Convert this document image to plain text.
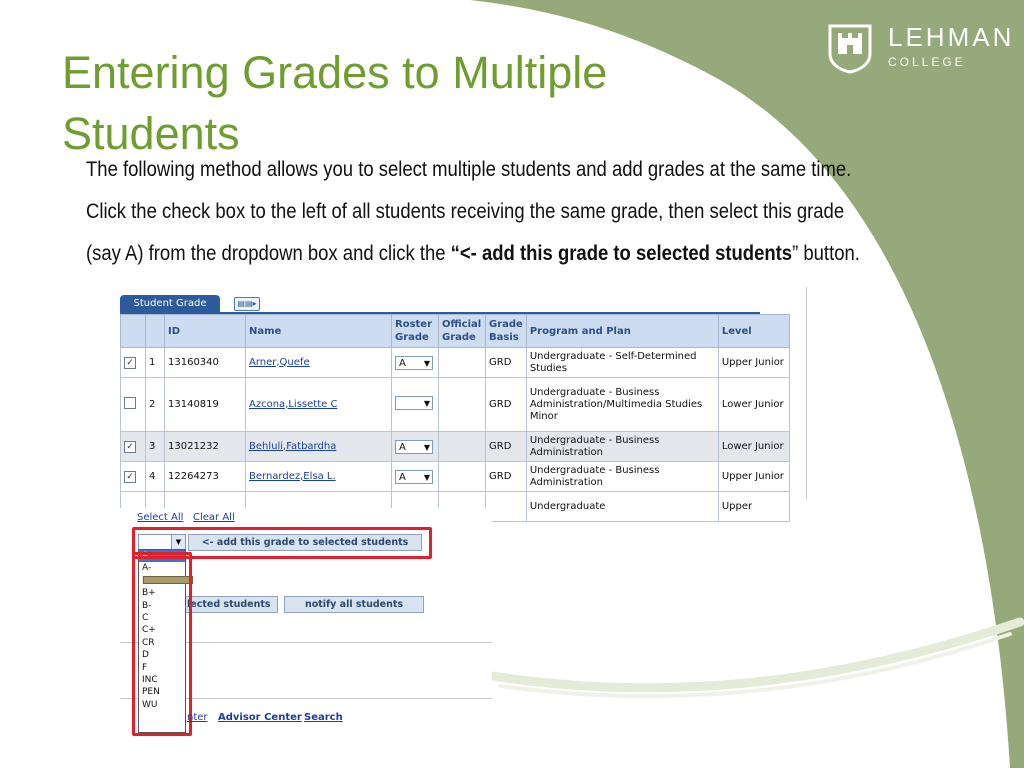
LEHMAN
COLLEGE
Entering Grades to Multiple Students
The following method allows you to select multiple students and add grades at the same time.
Click the check box to the left of all students receiving the same grade, then select this grade
(say A) from the dropdown box and click the “<- add this grade to selected students” button.
Student Grade	▤▤▸
		ID	Name	Roster Grade	Official Grade	Grade Basis	Program and Plan	Level
✓	1	13160340	Arner,Quefe	A ▼		GRD	Undergraduate - Self-Determined Studies	Upper Junior
	2	13140819	Azcona,Lissette C	▼		GRD	Undergraduate - Business Administration/Multimedia Studies Minor	Lower Junior
✓	3	13021232	Behluli,Fatbardha	A ▼		GRD	Undergraduate - Business Administration	Lower Junior
✓	4	12264273	Bernardez,Elsa L.	A ▼		GRD	Undergraduate - Business Administration	Upper Junior
							Undergraduate	Upper
Select All Clear All
▼	<- add this grade to selected students
lected students	notify all students
A
A-
B+
B-
C
C+
CR
D
F
INC
PEN
WU
nter Advisor Center Search
